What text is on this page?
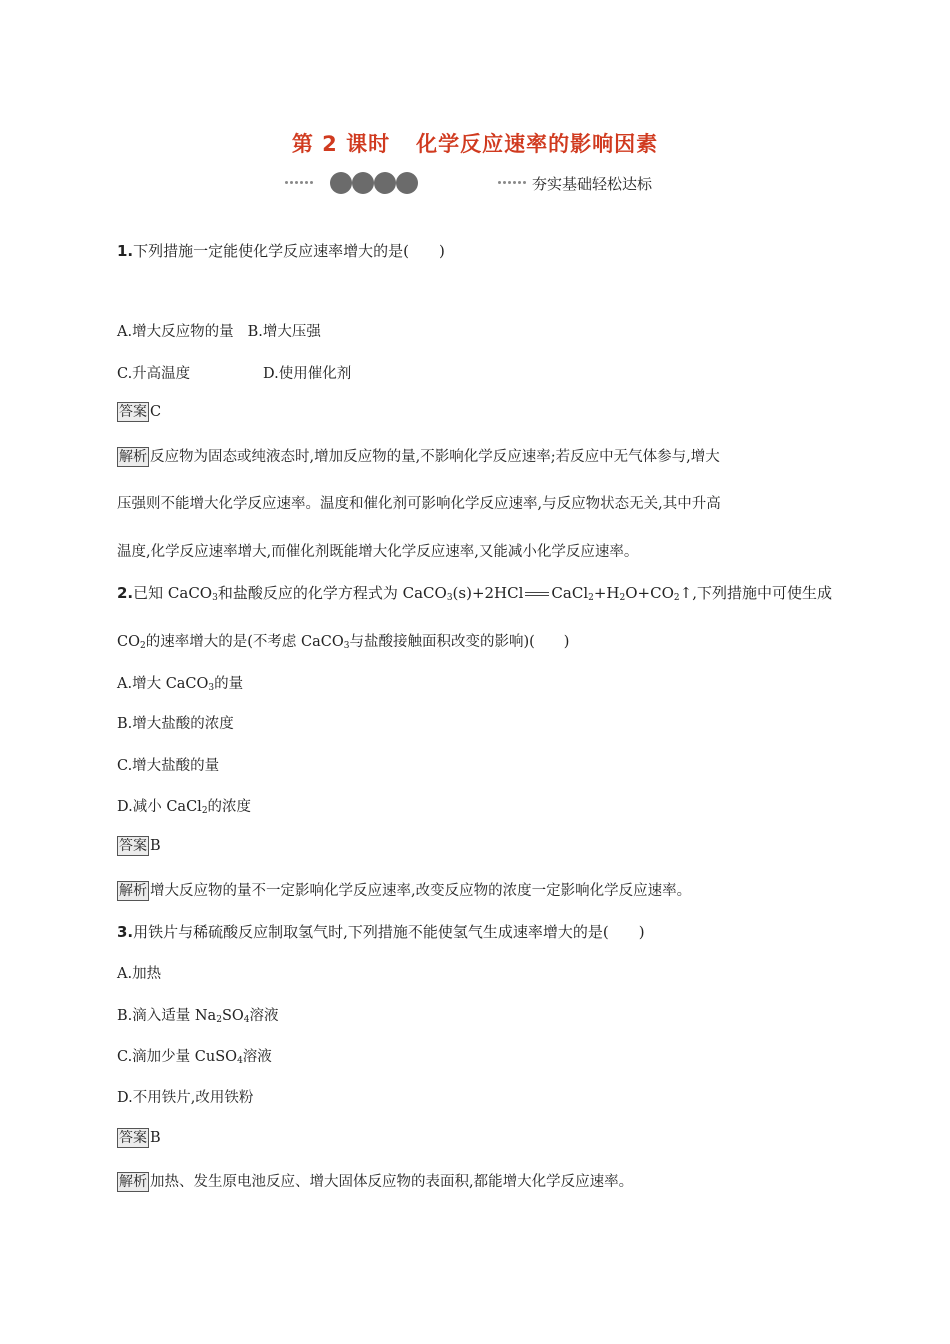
第 2 课时 化学反应速率的影响因素
夯实基础轻松达标
1.下列措施一定能使化学反应速率增大的是(　　)
A.增大反应物的量 B.增大压强
C.升高温度	D.使用催化剂
答案 C
解析 反应物为固态或纯液态时,增加反应物的量,不影响化学反应速率;若反应中无气体参与,增大
压强则不能增大化学反应速率。温度和催化剂可影响化学反应速率,与反应物状态无关,其中升高
温度,化学反应速率增大,而催化剂既能增大化学反应速率,又能减小化学反应速率。
2.已知 CaCO$_3$和盐酸反应的化学方程式为 CaCO$_3$(s)+2HCl $CaCl_2+H_2O+CO_2↑$,下列措施中可使生成
$CO_2$的速率增大的是(不考虑 CaCO$_3$与盐酸接触面积改变的影响)(　　)
A.增大 CaCO$_3$的量
B.增大盐酸的浓度
C.增大盐酸的量
D.减小 CaCl$_2$的浓度
答案 B
解析 增大反应物的量不一定影响化学反应速率,改变反应物的浓度一定影响化学反应速率。
3.用铁片与稀硫酸反应制取氢气时,下列措施不能使氢气生成速率增大的是(　　)
A.加热
B.滴入适量 $Na_2SO_4$溶液
C.滴加少量 CuSO$_4$溶液
D.不用铁片,改用铁粉
答案 B
解析 加热、发生原电池反应、增大固体反应物的表面积,都能增大化学反应速率。
